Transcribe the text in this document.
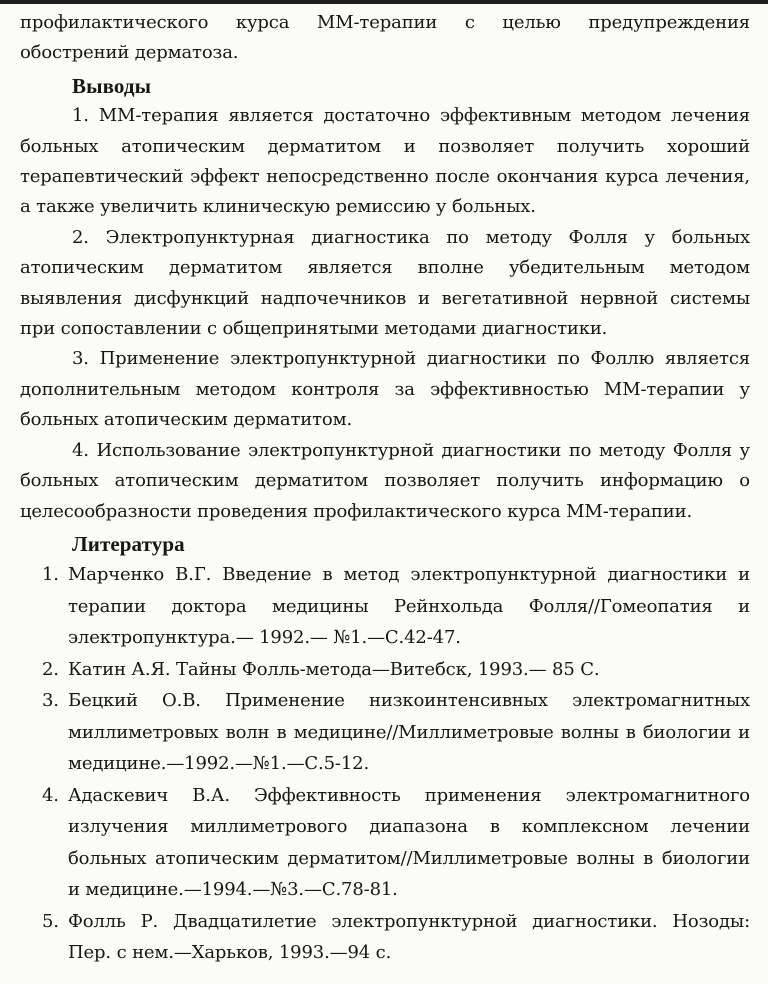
профилактического курса ММ-терапии с целью предупреждения обострений дерматоза.

Выводы

1. ММ-терапия является достаточно эффективным методом лечения больных атопическим дерматитом и позволяет получить хороший терапевтический эффект непосредственно после окончания курса лечения, а также увеличить клиническую ремиссию у больных.

2. Электропунктурная диагностика по методу Фолля у больных атопическим дерматитом является вполне убедительным методом выявления дисфункций надпочечников и вегетативной нервной системы при сопоставлении с общепринятыми методами диагностики.

3. Применение электропунктурной диагностики по Фоллю является дополнительным методом контроля за эффективностью ММ-терапии у больных атопическим дерматитом.

4. Использование электропунктурной диагностики по методу Фолля у больных атопическим дерматитом позволяет получить информацию о целесообразности проведения профилактического курса ММ-терапии.

Литература
1. Марченко В.Г. Введение в метод электропунктурной диагностики и терапии доктора медицины Рейнхольда Фолля//Гомеопатия и электропунктура.— 1992.— №1.—С.42-47.
2. Катин А.Я. Тайны Фолль-метода—Витебск, 1993.— 85 С.
3. Бецкий О.В. Применение низкоинтенсивных электромагнитных миллиметровых волн в медицине//Миллиметровые волны в биологии и медицине.—1992.—№1.—С.5-12.
4. Адаскевич В.А. Эффективность применения электромагнитного излучения миллиметрового диапазона в комплексном лечении больных атопическим дерматитом//Миллиметровые волны в биологии и медицине.—1994.—№3.—С.78-81.
5. Фолль Р. Двадцатилетие электропунктурной диагностики. Нозоды: Пер. с нем.—Харьков, 1993.—94 с.
